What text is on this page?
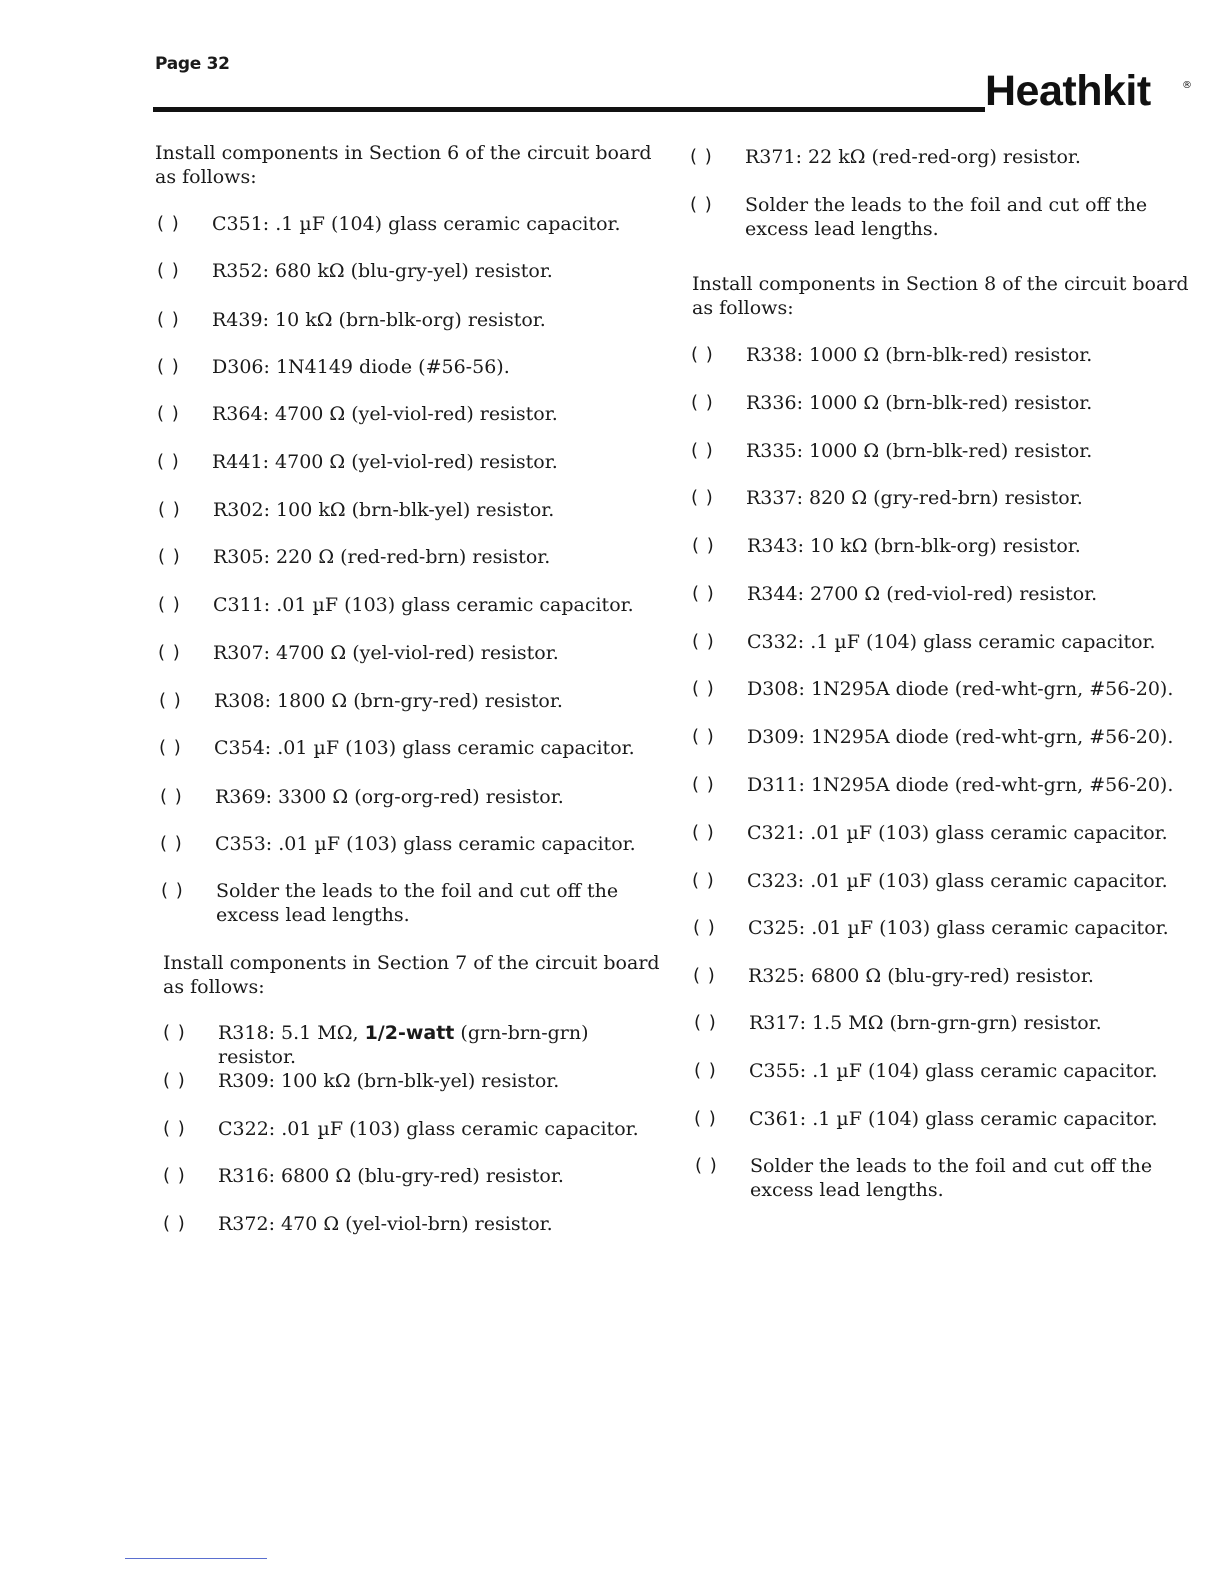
Page 32
Heathkit	®
Install components in Section 6 of the circuit board as follows:
( )	C351: .1 µF (104) glass ceramic capacitor.
( )	R352: 680 kΩ (blu-gry-yel) resistor.
( )	R439: 10 kΩ (brn-blk-org) resistor.
( )	D306: 1N4149 diode (#56-56).
( )	R364: 4700 Ω (yel-viol-red) resistor.
( )	R441: 4700 Ω (yel-viol-red) resistor.
( )	R302: 100 kΩ (brn-blk-yel) resistor.
( )	R305: 220 Ω (red-red-brn) resistor.
( )	C311: .01 µF (103) glass ceramic capacitor.
( )	R307: 4700 Ω (yel-viol-red) resistor.
( )	R308: 1800 Ω (brn-gry-red) resistor.
( )	C354: .01 µF (103) glass ceramic capacitor.
( )	R369: 3300 Ω (org-org-red) resistor.
( )	C353: .01 µF (103) glass ceramic capacitor.
( )	Solder the leads to the foil and cut off the excess lead lengths.
Install components in Section 7 of the circuit board as follows:
( )	R318: 5.1 MΩ, 1/2-watt (grn-brn-grn) resistor.
( )	R309: 100 kΩ (brn-blk-yel) resistor.
( )	C322: .01 µF (103) glass ceramic capacitor.
( )	R316: 6800 Ω (blu-gry-red) resistor.
( )	R372: 470 Ω (yel-viol-brn) resistor.
( )	R371: 22 kΩ (red-red-org) resistor.
( )	Solder the leads to the foil and cut off the excess lead lengths.
Install components in Section 8 of the circuit board as follows:
( )	R338: 1000 Ω (brn-blk-red) resistor.
( )	R336: 1000 Ω (brn-blk-red) resistor.
( )	R335: 1000 Ω (brn-blk-red) resistor.
( )	R337: 820 Ω (gry-red-brn) resistor.
( )	R343: 10 kΩ (brn-blk-org) resistor.
( )	R344: 2700 Ω (red-viol-red) resistor.
( )	C332: .1 µF (104) glass ceramic capacitor.
( )	D308: 1N295A diode (red-wht-grn, #56-20).
( )	D309: 1N295A diode (red-wht-grn, #56-20).
( )	D311: 1N295A diode (red-wht-grn, #56-20).
( )	C321: .01 µF (103) glass ceramic capacitor.
( )	C323: .01 µF (103) glass ceramic capacitor.
( )	C325: .01 µF (103) glass ceramic capacitor.
( )	R325: 6800 Ω (blu-gry-red) resistor.
( )	R317: 1.5 MΩ (brn-grn-grn) resistor.
( )	C355: .1 µF (104) glass ceramic capacitor.
( )	C361: .1 µF (104) glass ceramic capacitor.
( )	Solder the leads to the foil and cut off the excess lead lengths.
